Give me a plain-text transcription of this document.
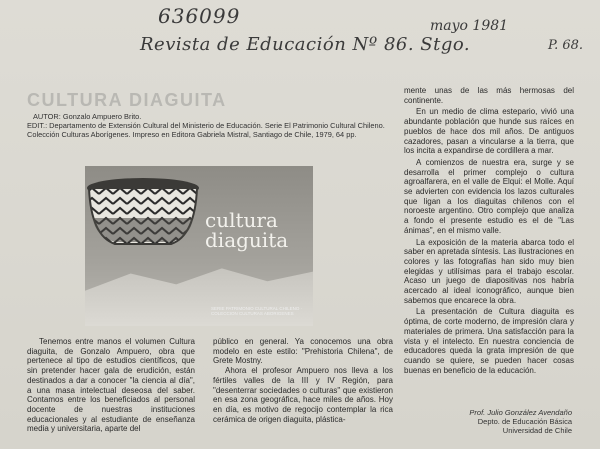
636099	mayo 1981
Revista de Educación Nº 86. Stgo.	P. 68.
CULTURA DIAGUITA
AUTOR: Gonzalo Ampuero Brito.
EDIT.: Departamento de Extensión Cultural del Ministerio de Educación. Serie El Patrimonio Cultural Chileno.
Colección Culturas Aborígenes. Impreso en Editora Gabriela Mistral, Santiago de Chile, 1979, 64 pp.
cultura diaguita
SERIE PATRIMONIO CULTURAL CHILENO · COLECCION CULTURAS ABORIGENES

Tenemos entre manos el volumen Cultura diaguita, de Gonzalo Ampuero, obra que pertenece al tipo de estudios científicos, que sin pretender hacer gala de erudición, están destinados a dar a conocer "la ciencia al día", a una masa intelectual deseosa del saber. Contamos entre los beneficiados al personal docente de nuestras instituciones educacionales y al estudiante de enseñanza media y universitaria, aparte del

público en general. Ya conocemos una obra modelo en este estilo: "Prehistoria Chilena", de Grete Mostny.

Ahora el profesor Ampuero nos lleva a los fértiles valles de la III y IV Región, para "desenterrar sociedades o culturas" que existieron en esa zona geográfica, hace miles de años. Hoy en día, es motivo de regocijo contemplar la rica cerámica de origen diaguita, plástica-

mente unas de las más hermosas del continente.

En un medio de clima estepario, vivió una abundante población que hunde sus raíces en pueblos de hace dos mil años. De antiguos cazadores, pasan a vincularse a la tierra, que los incita a expandirse de cordillera a mar.

A comienzos de nuestra era, surge y se desarrolla el primer complejo o cultura agroalfarera, en el valle de Elqui: el Molle. Aquí se advierten con evidencia los lazos culturales que ligan a los diaguitas chilenos con el noroeste argentino. Otro complejo que analiza a fondo el presente estudio es el de "Las ánimas", en el mismo valle.

La exposición de la materia abarca todo el saber en apretada síntesis. Las ilustraciones en colores y las fotografías han sido muy bien elegidas y utilísimas para el trabajo escolar. Acaso un juego de diapositivas nos habría acercado al ideal iconográfico, aunque bien sabemos que encarece la obra.

La presentación de Cultura diaguita es óptima, de corte moderno, de impresión clara y materiales de primera. Una satisfacción para la vista y el intelecto. En nuestra conciencia de educadores queda la grata impresión de que cuando se quiere, se pueden hacer cosas buenas en beneficio de la educación.

Prof. Julio González Avendaño
Depto. de Educación Básica
Universidad de Chile
